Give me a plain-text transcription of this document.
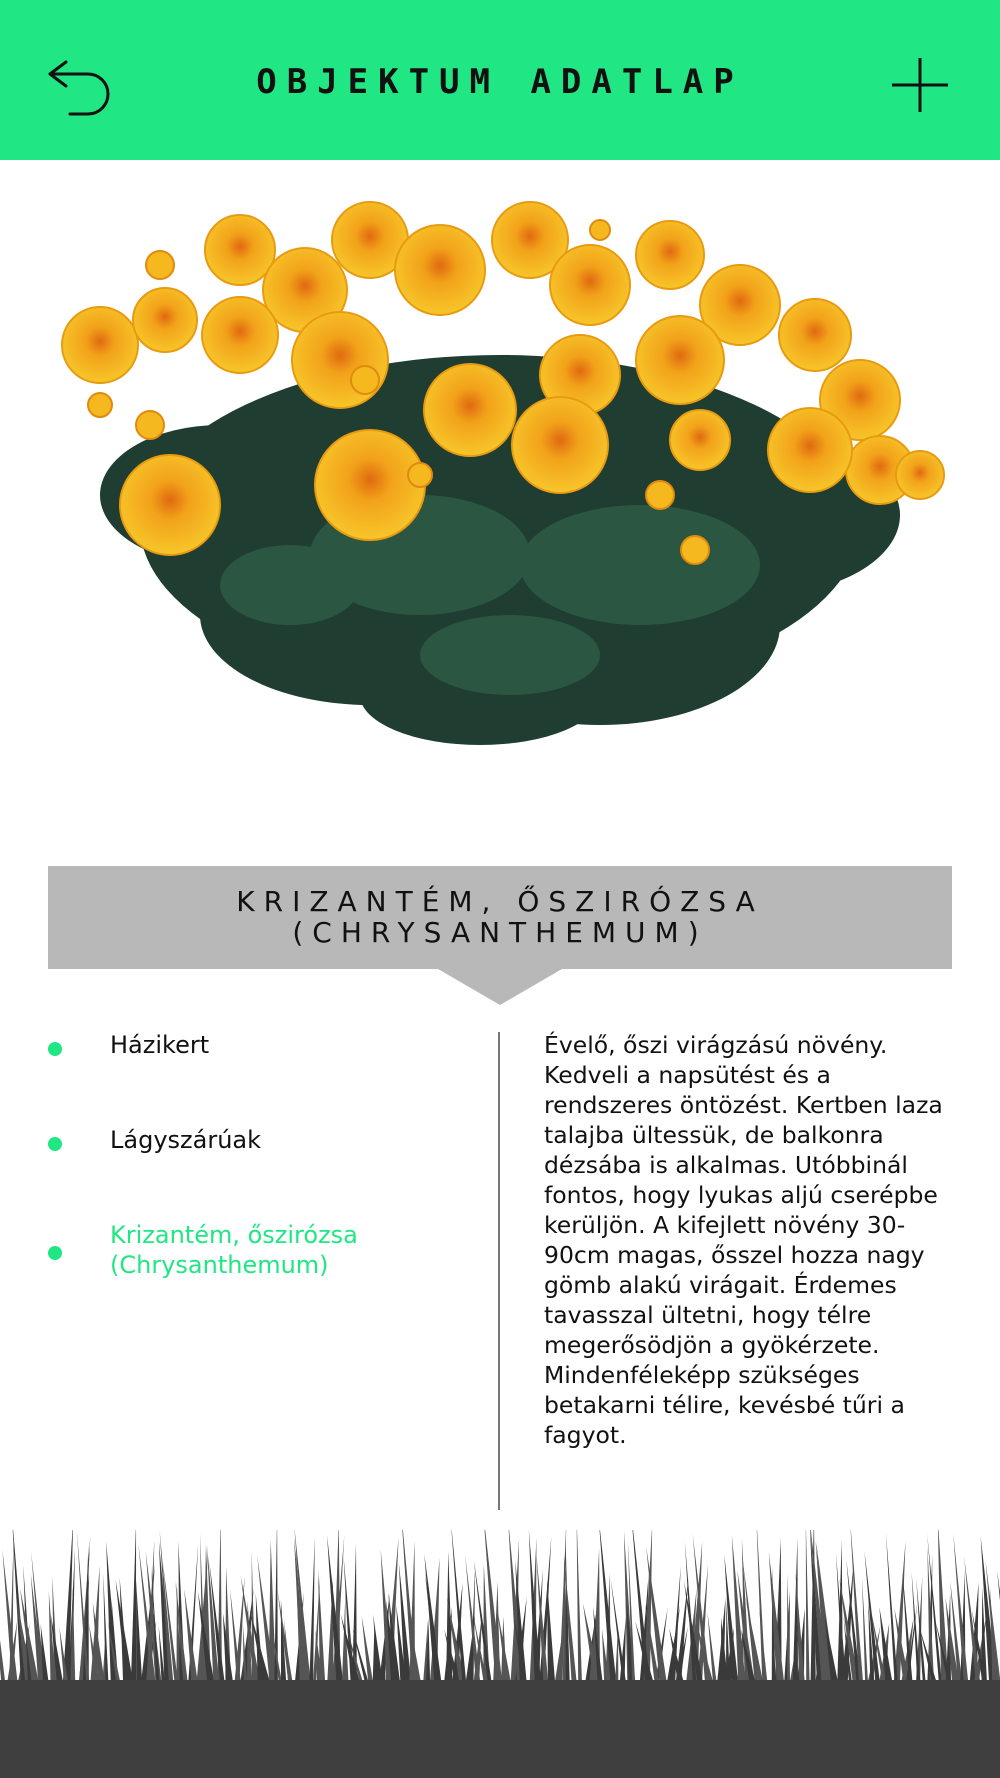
OBJEKTUM ADATLAP
KRIZANTÉM, ŐSZIRÓZSA
(CHRYSANTHEMUM)
Házikert
Lágyszárúak
Krizantém, őszirózsa
(Chrysanthemum)
Évelő, őszi virágzású növény. Kedveli a napsütést és a rendszeres öntözést. Kertben laza talajba ültessük, de balkonra dézsába is alkalmas. Utóbbinál fontos, hogy lyukas aljú cserépbe kerüljön. A kifejlett növény 30-90cm magas, ősszel hozza nagy gömb alakú virágait. Érdemes tavasszal ültetni, hogy télre megerősödjön a gyökérzete. Mindenféleképp szükséges betakarni télire, kevésbé tűri a fagyot.
